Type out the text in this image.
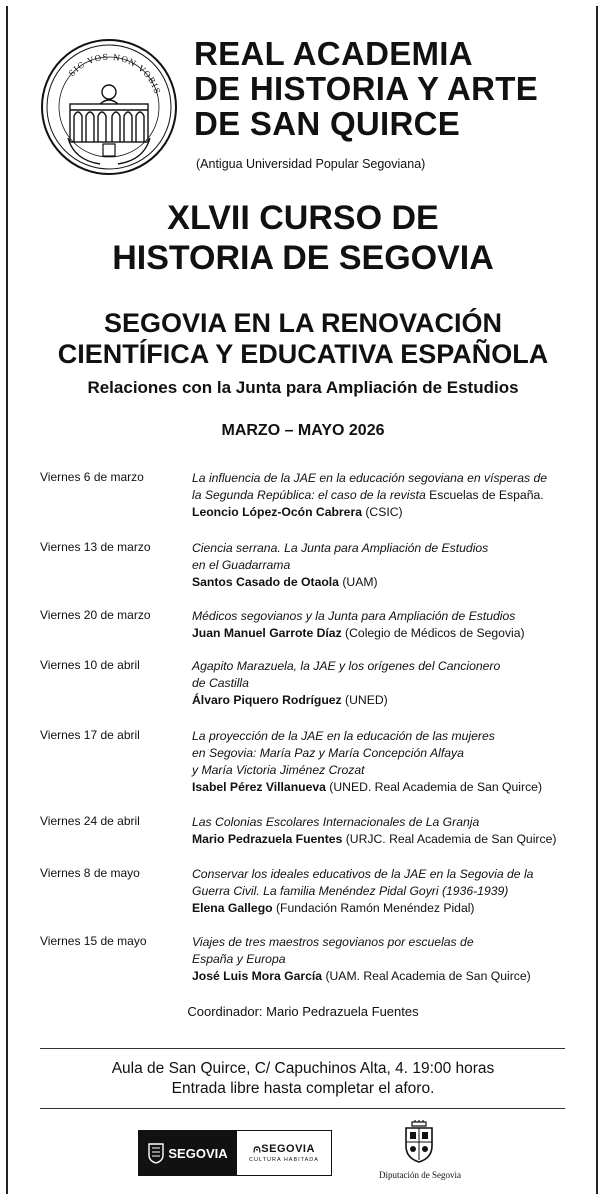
SIC VOS NON VOBIS
REAL ACADEMIA
DE HISTORIA Y ARTE
DE SAN QUIRCE
(Antigua Universidad Popular Segoviana)
XLVII CURSO DE
HISTORIA DE SEGOVIA
SEGOVIA EN LA RENOVACIÓN
CIENTÍFICA Y EDUCATIVA ESPAÑOLA
Relaciones con la Junta para Ampliación de Estudios
MARZO – MAYO 2026
Viernes 6 de marzo	La influencia de la JAE en la educación segoviana en vísperas de
la Segunda República: el caso de la revista Escuelas de España.
Leoncio López-Ocón Cabrera (CSIC)
Viernes 13 de marzo	Ciencia serrana. La Junta para Ampliación de Estudios
en el Guadarrama
Santos Casado de Otaola (UAM)
Viernes 20 de marzo	Médicos segovianos y la Junta para Ampliación de Estudios
Juan Manuel Garrote Díaz (Colegio de Médicos de Segovia)
Viernes 10 de abril	Agapito Marazuela, la JAE y los orígenes del Cancionero
de Castilla
Álvaro Piquero Rodríguez (UNED)
Viernes 17 de abril	La proyección de la JAE en la educación de las mujeres
en Segovia: María Paz y María Concepción Alfaya
y María Victoria Jiménez Crozat
Isabel Pérez Villanueva (UNED. Real Academia de San Quirce)
Viernes 24 de abril	Las Colonias Escolares Internacionales de La Granja
Mario Pedrazuela Fuentes (URJC. Real Academia de San Quirce)
Viernes 8 de mayo	Conservar los ideales educativos de la JAE en la Segovia de la
Guerra Civil. La familia Menéndez Pidal Goyri (1936-1939)
Elena Gallego (Fundación Ramón Menéndez Pidal)
Viernes 15 de mayo	Viajes de tres maestros segovianos por escuelas de
España y Europa
José Luis Mora García (UAM. Real Academia de San Quirce)
Coordinador: Mario Pedrazuela Fuentes
Aula de San Quirce, C/ Capuchinos Alta, 4. 19:00 horas
Entrada libre hasta completar el aforo.
SEGOVIA ⩀SEGOVIA
CULTURA HABITADA
Diputación de Segovia
